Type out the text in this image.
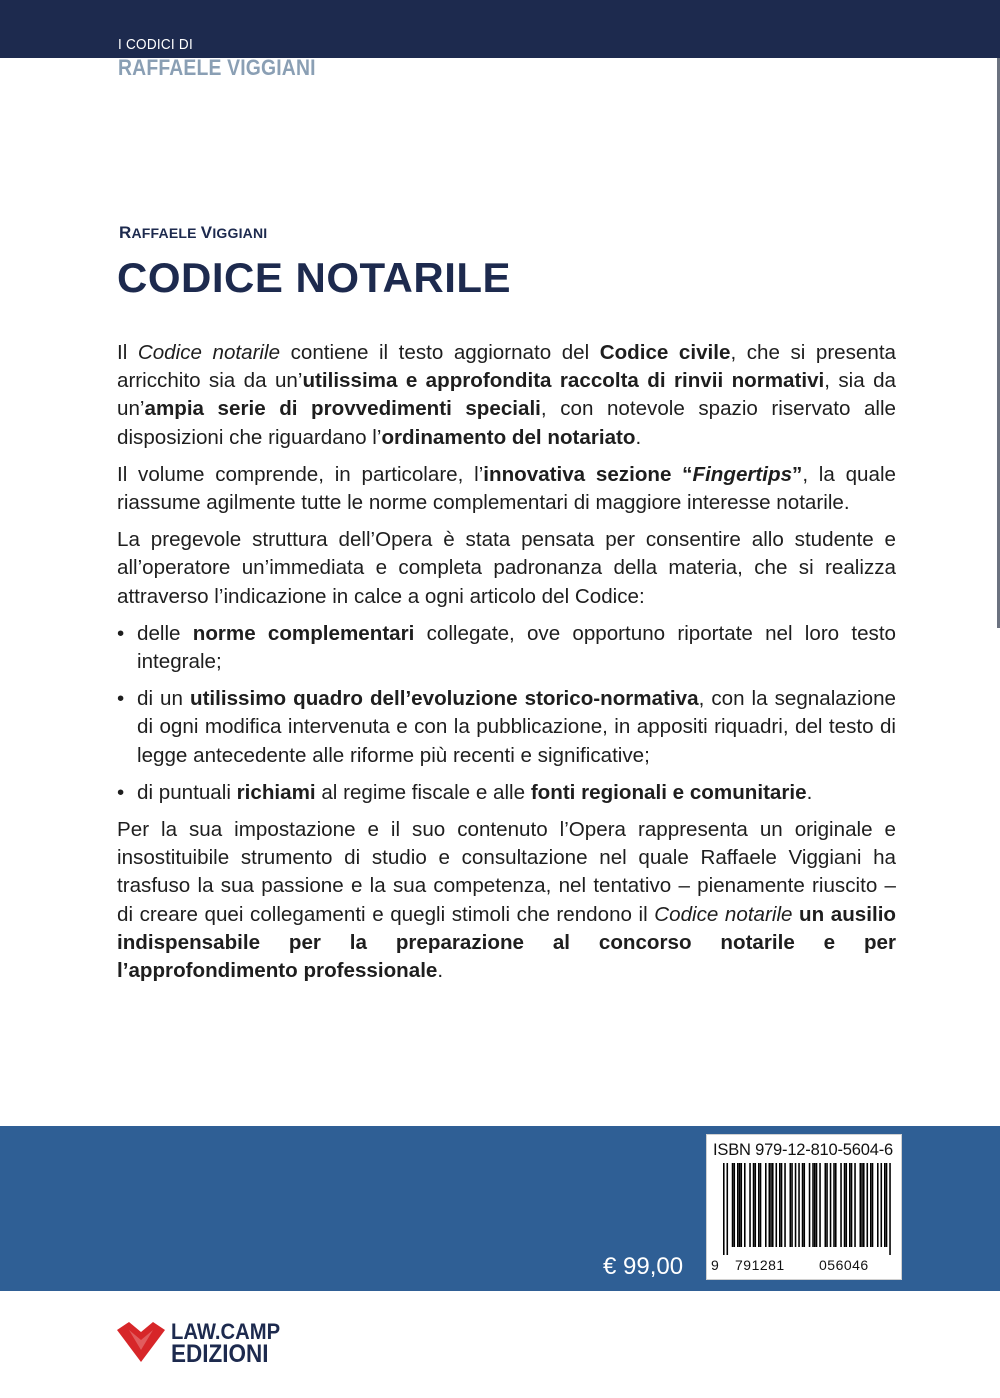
I CODICI DI
RAFFAELE VIGGIANI
RAFFAELE VIGGIANI
CODICE NOTARILE

Il Codice notarile contiene il testo aggiornato del Codice civile, che si presenta arricchito sia da un’utilissima e approfondita raccolta di rinvii normativi, sia da un’ampia serie di provvedimenti speciali, con notevole spazio riservato alle disposizioni che riguardano l’ordinamento del notariato.

Il volume comprende, in particolare, l’innovativa sezione “Fingertips”, la quale riassume agilmente tutte le norme complementari di maggiore interesse notarile.

La pregevole struttura dell’Opera è stata pensata per consentire allo studente e all’operatore un’immediata e completa padronanza della materia, che si realizza attraverso l’indicazione in calce a ogni articolo del Codice:

• delle norme complementari collegate, ove opportuno riportate nel loro testo integrale;
• di un utilissimo quadro dell’evoluzione storico-normativa, con la segnalazione di ogni modifica intervenuta e con la pubblicazione, in appositi riquadri, del testo di legge antecedente alle riforme più recenti e significative;
• di puntuali richiami al regime fiscale e alle fonti regionali e comunitarie.

Per la sua impostazione e il suo contenuto l’Opera rappresenta un originale e insostituibile strumento di studio e consultazione nel quale Raffaele Viggiani ha trasfuso la sua passione e la sua competenza, nel tentativo – pienamente riuscito – di creare quei collegamenti e quegli stimoli che rendono il Codice notarile un ausilio indispensabile per la preparazione al concorso notarile e per l’approfondimento professionale.

€ 99,00
ISBN 979-12-810-5604-6
9 791281 056046
LAW.CAMP
EDIZIONI
